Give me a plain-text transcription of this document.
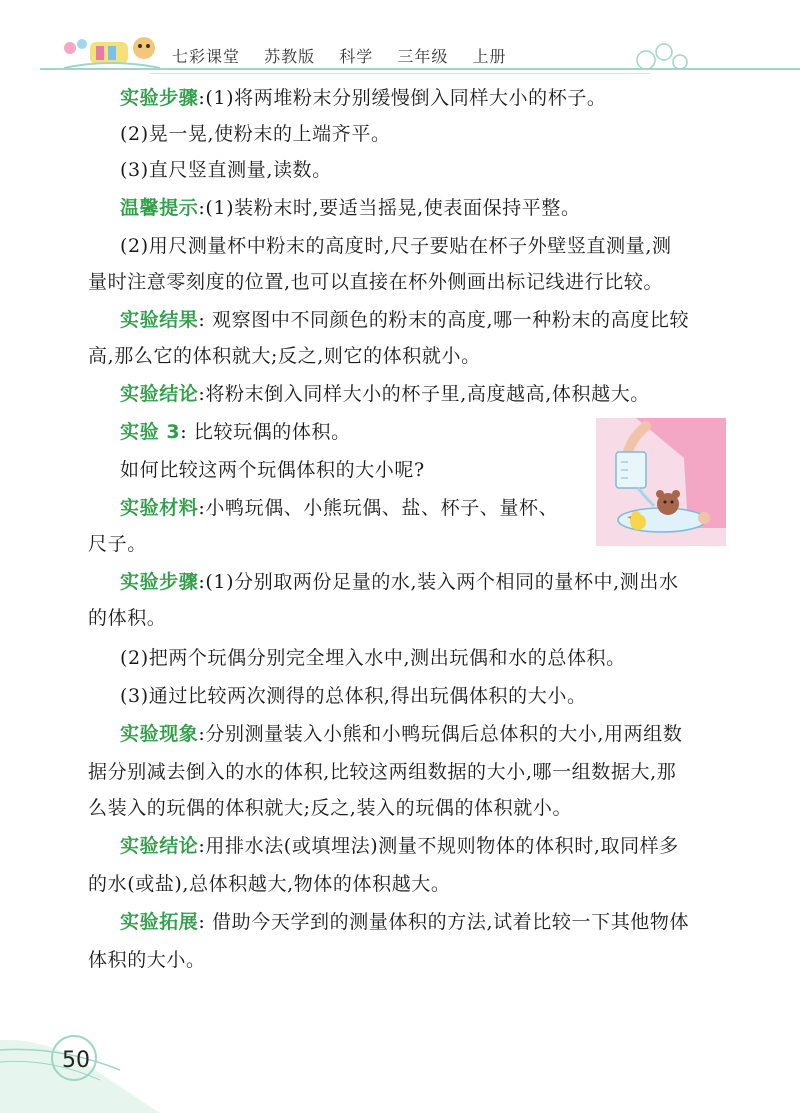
七彩课堂 苏教版 科学 三年级 上册
实验步骤:(1)将两堆粉末分别缓慢倒入同样大小的杯子。
(2)晃一晃,使粉末的上端齐平。
(3)直尺竖直测量,读数。
温馨提示:(1)装粉末时,要适当摇晃,使表面保持平整。
(2)用尺测量杯中粉末的高度时,尺子要贴在杯子外壁竖直测量,测
量时注意零刻度的位置,也可以直接在杯外侧画出标记线进行比较。
实验结果: 观察图中不同颜色的粉末的高度,哪一种粉末的高度比较
高,那么它的体积就大;反之,则它的体积就小。
实验结论:将粉末倒入同样大小的杯子里,高度越高,体积越大。
实验 3: 比较玩偶的体积。
如何比较这两个玩偶体积的大小呢?
实验材料:小鸭玩偶、小熊玩偶、盐、杯子、量杯、
尺子。
实验步骤:(1)分别取两份足量的水,装入两个相同的量杯中,测出水
的体积。
(2)把两个玩偶分别完全埋入水中,测出玩偶和水的总体积。
(3)通过比较两次测得的总体积,得出玩偶体积的大小。
实验现象:分别测量装入小熊和小鸭玩偶后总体积的大小,用两组数
据分别减去倒入的水的体积,比较这两组数据的大小,哪一组数据大,那
么装入的玩偶的体积就大;反之,装入的玩偶的体积就小。
实验结论:用排水法(或填埋法)测量不规则物体的体积时,取同样多
的水(或盐),总体积越大,物体的体积越大。
实验拓展: 借助今天学到的测量体积的方法,试着比较一下其他物体
体积的大小。
50
